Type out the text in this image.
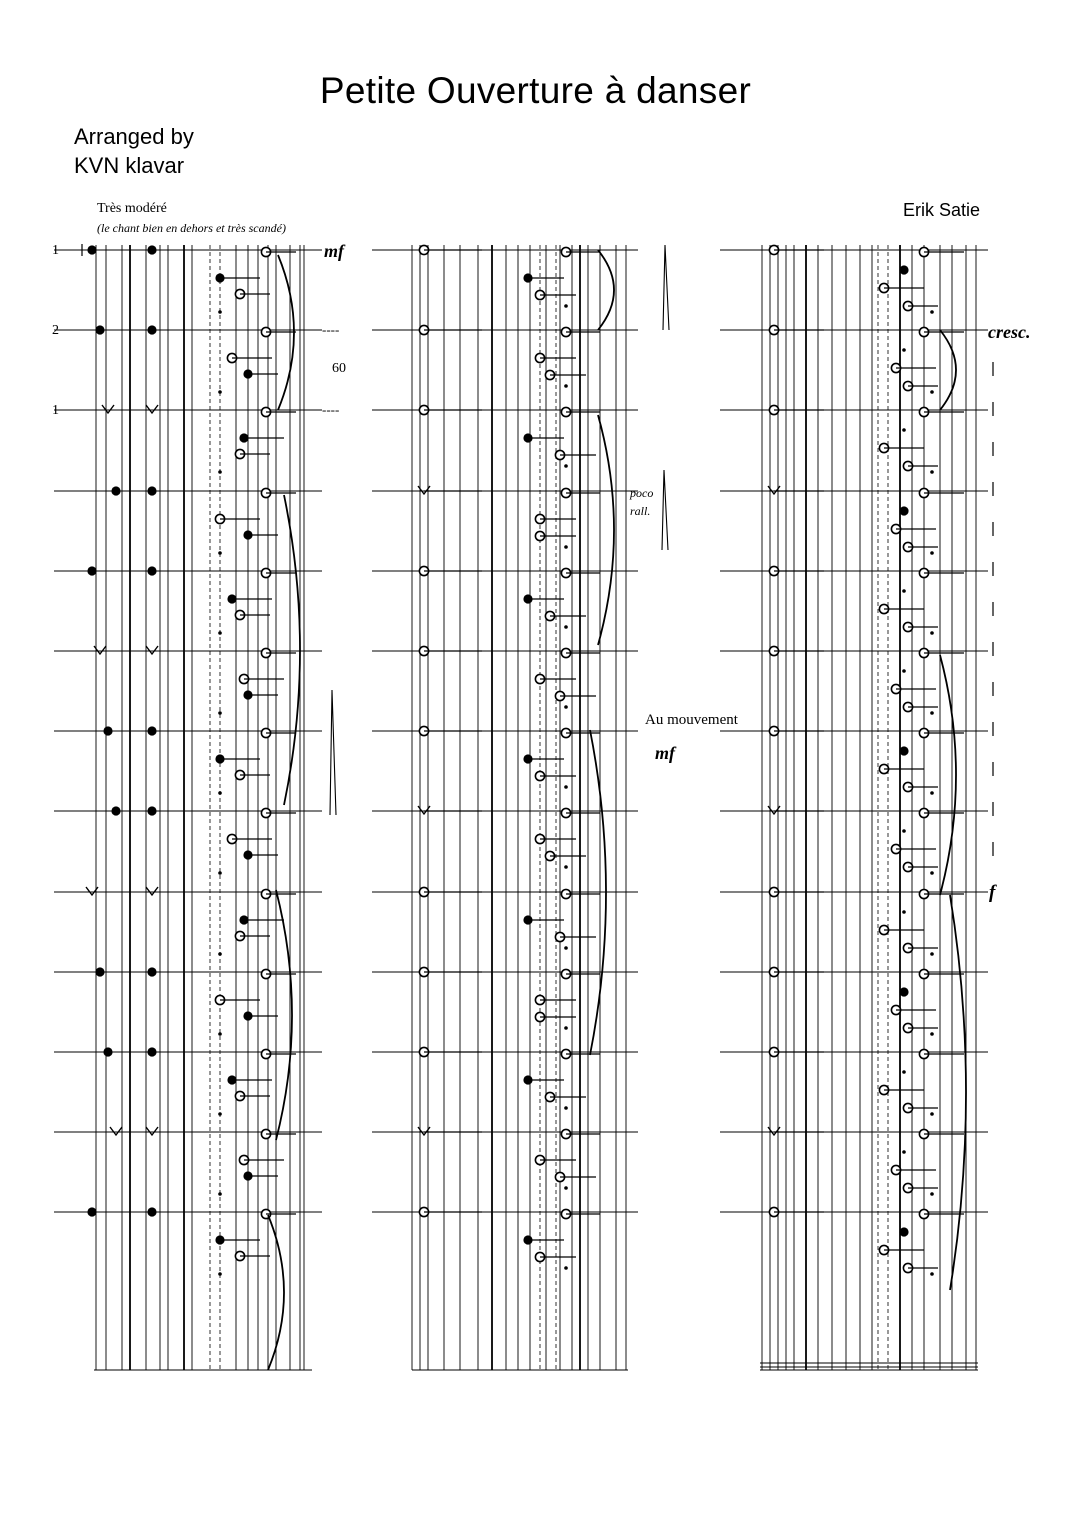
Petite Ouverture à danser
Arranged by
KVN klavar
Erik Satie
Très modéré
(le chant bien en dehors et très scandé)
1
2
1
mf
----
60
----
poco
rall.
Au mouvement
mf
cresc.
f
